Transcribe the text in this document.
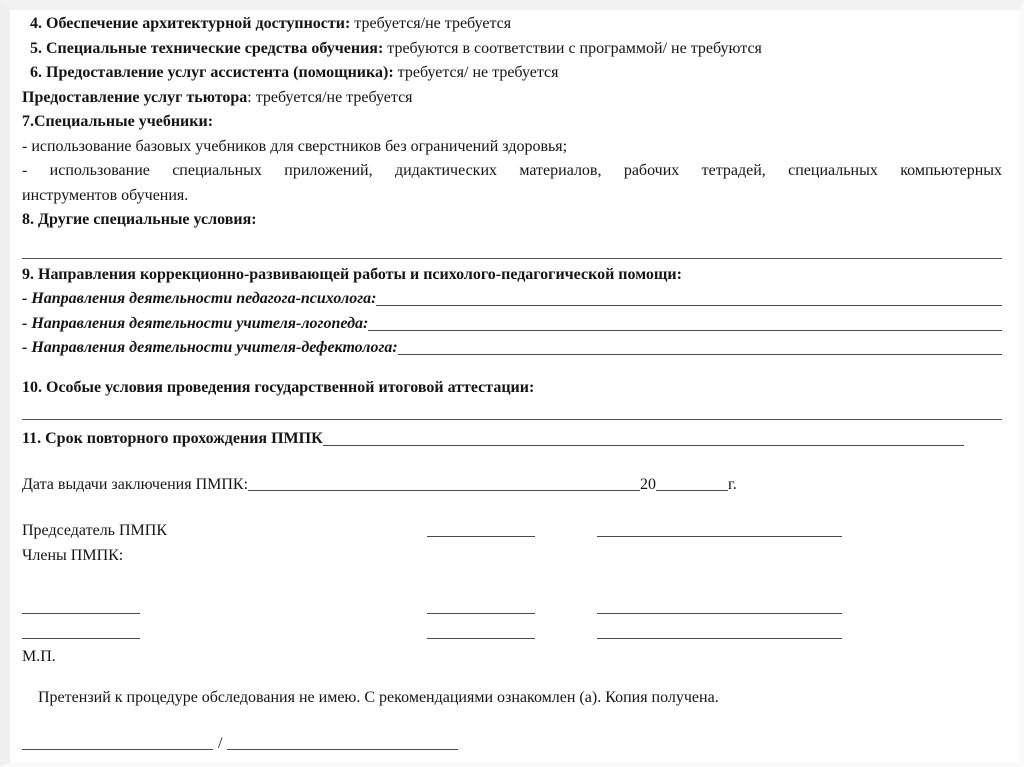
4. Обеспечение архитектурной доступности: требуется/не требуется
5. Специальные технические средства обучения: требуются в соответствии с программой/ не требуются
6. Предоставление услуг ассистента (помощника): требуется/ не требуется
Предоставление услуг тьютора: требуется/не требуется
7.Специальные учебники:
- использование базовых учебников для сверстников без ограничений здоровья;
- использование специальных приложений, дидактических материалов, рабочих тетрадей, специальных компьютерных
инструментов обучения.
8. Другие специальные условия:
9. Направления коррекционно-развивающей работы и психолого-педагогической помощи:
- Направления деятельности педагога-психолога:
- Направления деятельности учителя-логопеда:
- Направления деятельности учителя-дефектолога:
10. Особые условия проведения государственной итоговой аттестации:
11. Срок повторного прохождения ПМПК
Дата выдачи заключения ПМПК:	20	г.
Председатель ПМПК
Члены ПМПК:
М.П.
Претензий к процедуре обследования не имею. С рекомендациями ознакомлен (а). Копия получена.
/
